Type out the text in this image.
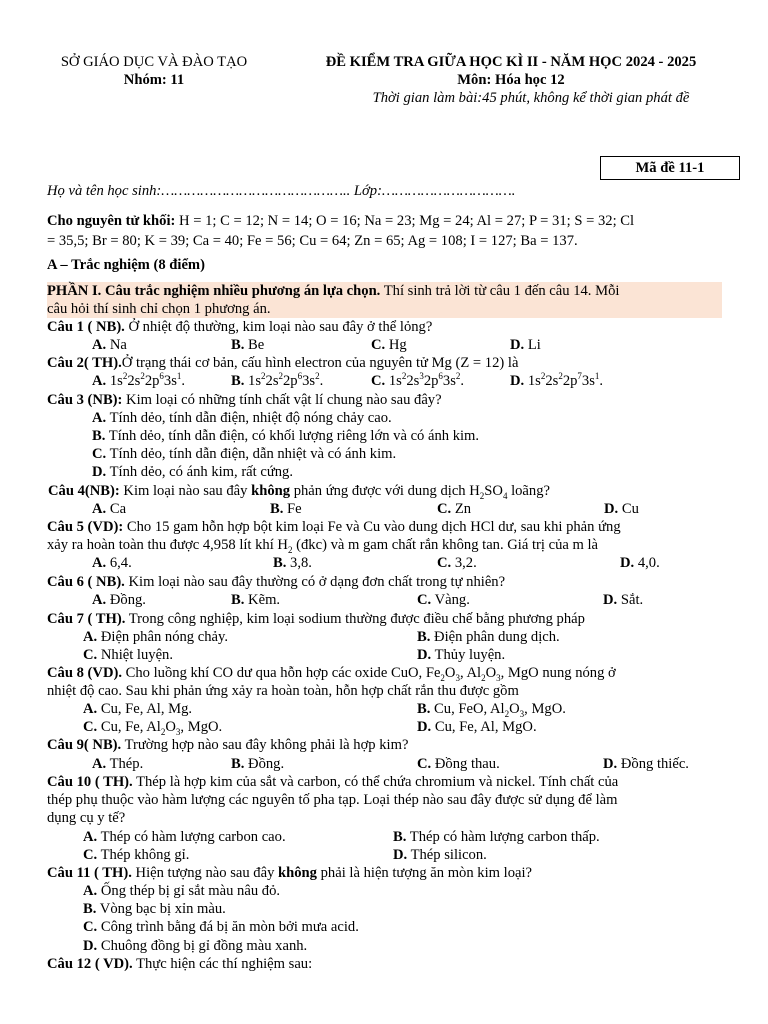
SỞ GIÁO DỤC VÀ ĐÀO TẠO
Nhóm: 11
ĐỀ KIỂM TRA GIỮA HỌC KÌ II - NĂM HỌC 2024 - 2025
Môn: Hóa học 12
Thời gian làm bài:45 phút, không kể thời gian phát đề
Mã đề 11-1
Họ và tên học sinh:…………………………………….. Lớp:………………………….
Cho nguyên tử khối: H = 1; C = 12; N = 14; O = 16; Na = 23; Mg = 24; Al = 27; P = 31; S = 32; Cl
= 35,5; Br = 80; K = 39; Ca = 40; Fe = 56; Cu = 64; Zn = 65; Ag = 108; I = 127; Ba = 137.
A – Trắc nghiệm (8 điểm)
PHẦN I. Câu trắc nghiệm nhiều phương án lựa chọn. Thí sinh trả lời từ câu 1 đến câu 14. Mỗi
câu hỏi thí sinh chỉ chọn 1 phương án.
Câu 1 ( NB). Ở nhiệt độ thường, kim loại nào sau đây ở thể lỏng?
A. Na	B. Be	C. Hg	D. Li
Câu 2( TH).Ở trạng thái cơ bản, cấu hình electron của nguyên tử Mg (Z = 12) là
A. $1s^22s^22p^63s^1$.	B. $1s^22s^22p^63s^2$.	C. $1s^22s^32p^63s^2$.	D. $1s^22s^22p^73s^1$.
Câu 3 (NB): Kim loại có những tính chất vật lí chung nào sau đây?
A. Tính dẻo, tính dẫn điện, nhiệt độ nóng chảy cao.
B. Tính dẻo, tính dẫn điện, có khối lượng riêng lớn và có ánh kim.
C. Tính dẻo, tính dẫn điện, dẫn nhiệt và có ánh kim.
D. Tính dẻo, có ánh kim, rất cứng.
Câu 4(NB): Kim loại nào sau đây không phản ứng được với dung dịch $H_2SO_4$ loãng?
A. Ca	B. Fe	C. Zn	D. Cu
Câu 5 (VD): Cho 15 gam hỗn hợp bột kim loại Fe và Cu vào dung dịch HCl dư, sau khi phản ứng
xảy ra hoàn toàn thu được 4,958 lít khí $H_2$ (đkc) và m gam chất rắn không tan. Giá trị của m là
A. 6,4.	B. 3,8.	C. 3,2.	D. 4,0.
Câu 6 ( NB). Kim loại nào sau đây thường có ở dạng đơn chất trong tự nhiên?
A. Đồng.	B. Kẽm.	C. Vàng.	D. Sắt.
Câu 7 ( TH). Trong công nghiệp, kim loại sodium thường được điều chế bằng phương pháp
A. Điện phân nóng chảy.	B. Điện phân dung dịch.
C. Nhiệt luyện.	D. Thủy luyện.
Câu 8 (VD). Cho luồng khí CO dư qua hỗn hợp các oxide CuO, $Fe_2O_3$, $Al_2O_3$, MgO nung nóng ở
nhiệt độ cao. Sau khi phản ứng xảy ra hoàn toàn, hỗn hợp chất rắn thu được gồm
A. Cu, Fe, Al, Mg.	B. Cu, FeO, $Al_2O_3$, MgO.
C. Cu, Fe, $Al_2O_3$, MgO.	D. Cu, Fe, Al, MgO.
Câu 9( NB). Trường hợp nào sau đây không phải là hợp kim?
A. Thép.	B. Đồng.	C. Đồng thau.	D. Đồng thiếc.
Câu 10 ( TH). Thép là hợp kim của sắt và carbon, có thể chứa chromium và nickel. Tính chất của
thép phụ thuộc vào hàm lượng các nguyên tố pha tạp. Loại thép nào sau đây được sử dụng để làm
dụng cụ y tế?
A. Thép có hàm lượng carbon cao.	B. Thép có hàm lượng carbon thấp.
C. Thép không gỉ.	D. Thép silicon.
Câu 11 ( TH). Hiện tượng nào sau đây không phải là hiện tượng ăn mòn kim loại?
A. Ống thép bị gỉ sắt màu nâu đỏ.
B. Vòng bạc bị xỉn màu.
C. Công trình bằng đá bị ăn mòn bởi mưa acid.
D. Chuông đồng bị gỉ đồng màu xanh.
Câu 12 ( VD). Thực hiện các thí nghiệm sau:
